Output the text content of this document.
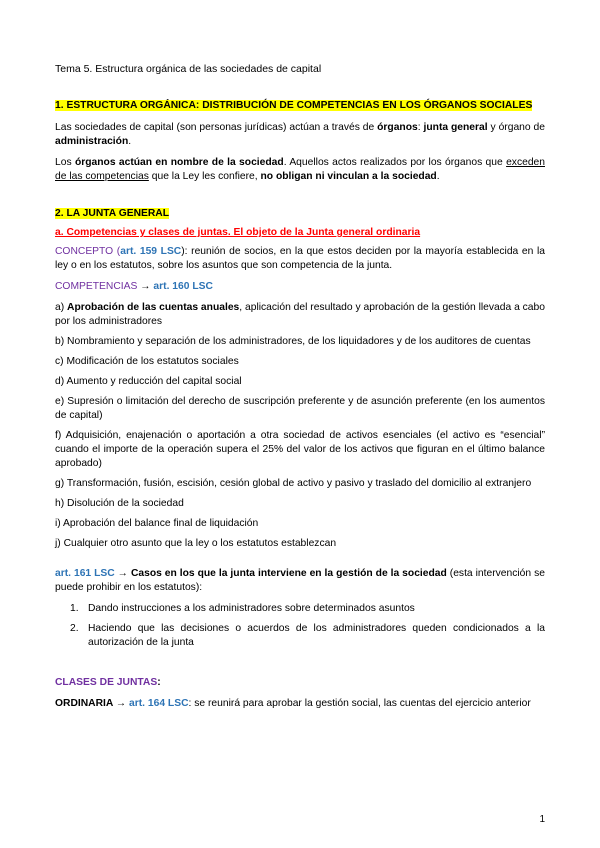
Tema 5. Estructura orgánica de las sociedades de capital

1. ESTRUCTURA ORGÁNICA: DISTRIBUCIÓN DE COMPETENCIAS EN LOS ÓRGANOS SOCIALES

Las sociedades de capital (son personas jurídicas) actúan a través de órganos: junta general y órgano de administración.

Los órganos actúan en nombre de la sociedad. Aquellos actos realizados por los órganos que exceden de las competencias que la Ley les confiere, no obligan ni vinculan a la sociedad.

2. LA JUNTA GENERAL

a. Competencias y clases de juntas. El objeto de la Junta general ordinaria

CONCEPTO (art. 159 LSC): reunión de socios, en la que estos deciden por la mayoría establecida en la ley o en los estatutos, sobre los asuntos que son competencia de la junta.

COMPETENCIAS → art. 160 LSC

a) Aprobación de las cuentas anuales, aplicación del resultado y aprobación de la gestión llevada a cabo por los administradores

b) Nombramiento y separación de los administradores, de los liquidadores y de los auditores de cuentas

c) Modificación de los estatutos sociales

d) Aumento y reducción del capital social

e) Supresión o limitación del derecho de suscripción preferente y de asunción preferente (en los aumentos de capital)

f) Adquisición, enajenación o aportación a otra sociedad de activos esenciales (el activo es “esencial” cuando el importe de la operación supera el 25% del valor de los activos que figuran en el último balance aprobado)

g) Transformación, fusión, escisión, cesión global de activo y pasivo y traslado del domicilio al extranjero

h) Disolución de la sociedad

i) Aprobación del balance final de liquidación

j) Cualquier otro asunto que la ley o los estatutos establezcan

art. 161 LSC → Casos en los que la junta interviene en la gestión de la sociedad (esta intervención se puede prohibir en los estatutos):

1. Dando instrucciones a los administradores sobre determinados asuntos
2. Haciendo que las decisiones o acuerdos de los administradores queden condicionados a la autorización de la junta

CLASES DE JUNTAS:

ORDINARIA → art. 164 LSC: se reunirá para aprobar la gestión social, las cuentas del ejercicio anterior

1
